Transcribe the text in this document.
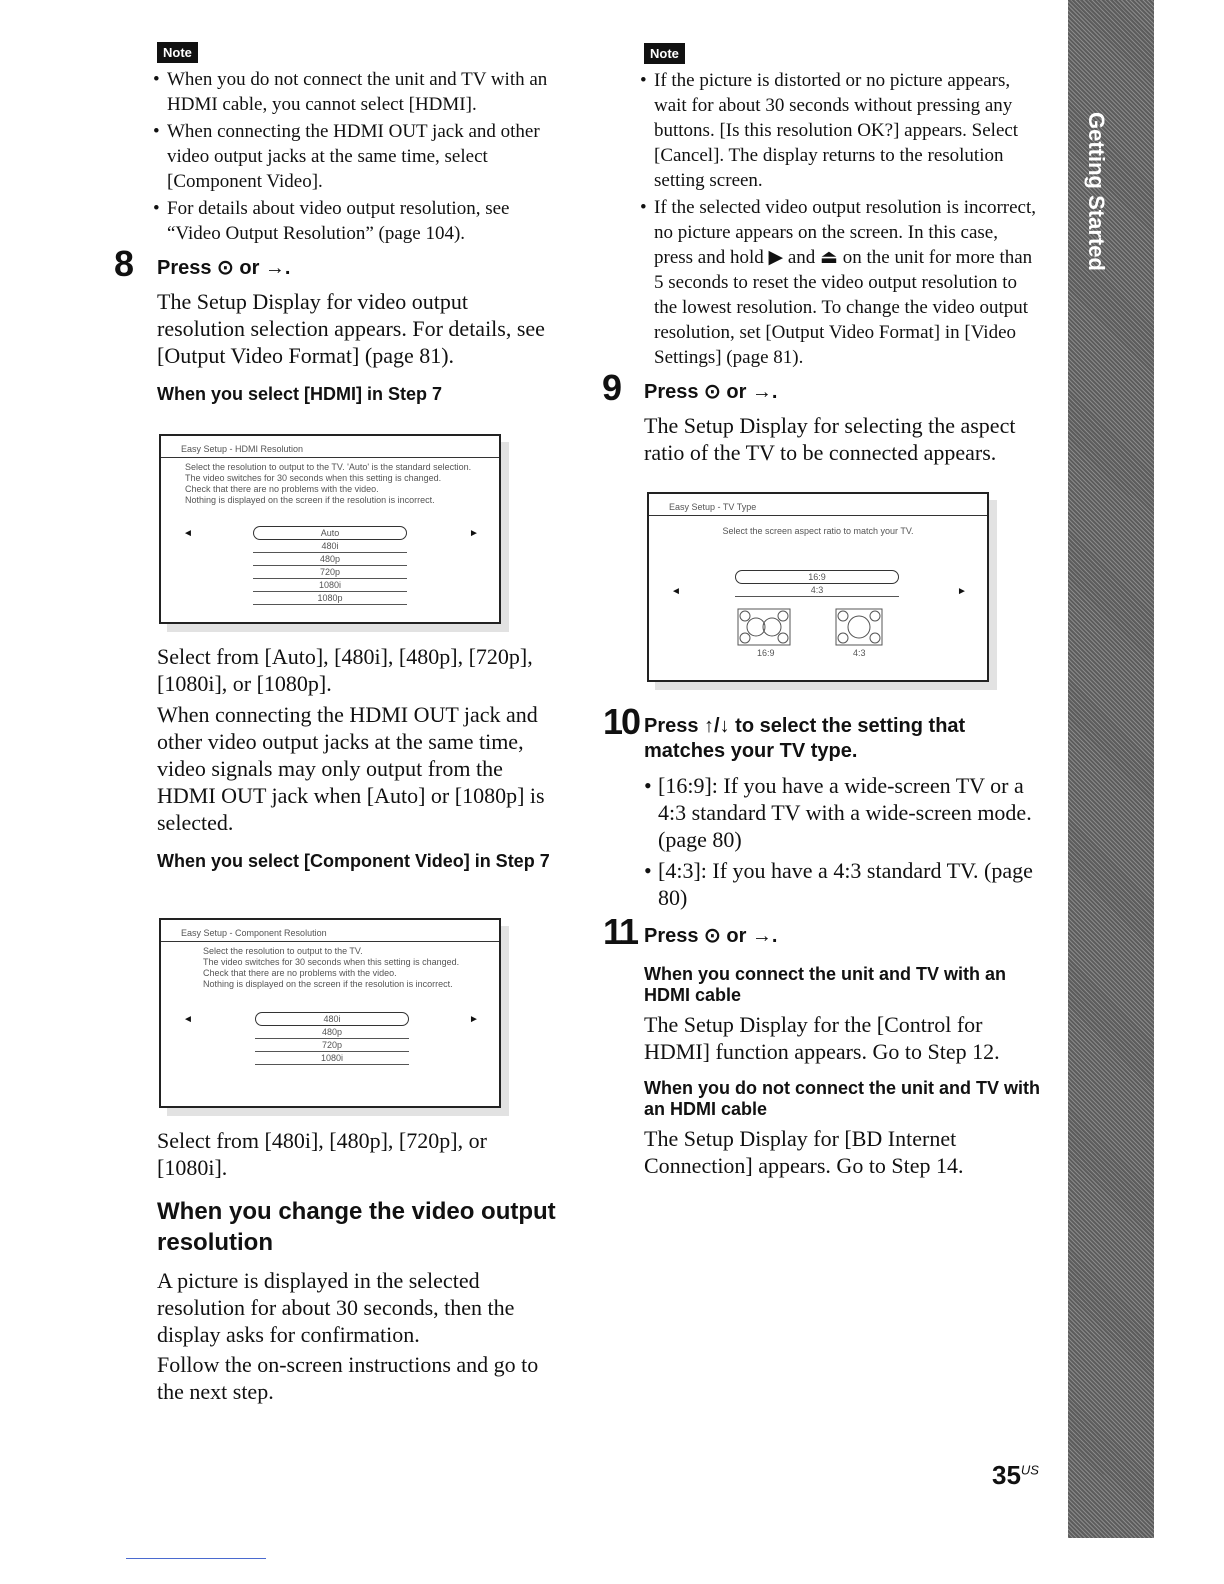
Getting Started
Note
• When you do not connect the unit and TV with an HDMI cable, you cannot select [HDMI].
• When connecting the HDMI OUT jack and other video output jacks at the same time, select [Component Video].
• For details about video output resolution, see “Video Output Resolution” (page 104).
8 Press ⊙ or →.
The Setup Display for video output resolution selection appears. For details, see [Output Video Format] (page 81).
When you select [HDMI] in Step 7
Easy Setup - HDMI Resolution
Select the resolution to output to the TV. 'Auto' is the standard selection.
The video switches for 30 seconds when this setting is changed.
Check that there are no problems with the video.
Nothing is displayed on the screen if the resolution is incorrect.
◄	►
Auto
480i
480p
720p
1080i
1080p
Select from [Auto], [480i], [480p], [720p], [1080i], or [1080p].
When connecting the HDMI OUT jack and other video output jacks at the same time, video signals may only output from the HDMI OUT jack when [Auto] or [1080p] is selected.
When you select [Component Video] in Step 7
Easy Setup - Component Resolution
Select the resolution to output to the TV.
The video switches for 30 seconds when this setting is changed.
Check that there are no problems with the video.
Nothing is displayed on the screen if the resolution is incorrect.
◄	►
480i
480p
720p
1080i
Select from [480i], [480p], [720p], or [1080i].
When you change the video output resolution
A picture is displayed in the selected resolution for about 30 seconds, then the display asks for confirmation.
Follow the on-screen instructions and go to the next step.
Note
• If the picture is distorted or no picture appears, wait for about 30 seconds without pressing any buttons. [Is this resolution OK?] appears. Select [Cancel]. The display returns to the resolution setting screen.
• If the selected video output resolution is incorrect, no picture appears on the screen. In this case, press and hold ▶ and ⏏ on the unit for more than 5 seconds to reset the video output resolution to the lowest resolution. To change the video output resolution, set [Output Video Format] in [Video Settings] (page 81).
9 Press ⊙ or →.
The Setup Display for selecting the aspect ratio of the TV to be connected appears.
Easy Setup - TV Type
Select the screen aspect ratio to match your TV.
◄	►
16:9
4:3
16:9	4:3
10 Press ↑/↓ to select the setting that matches your TV type.
• [16:9]: If you have a wide-screen TV or a 4:3 standard TV with a wide-screen mode. (page 80)
• [4:3]: If you have a 4:3 standard TV. (page 80)
11 Press ⊙ or →.
When you connect the unit and TV with an HDMI cable
The Setup Display for the [Control for HDMI] function appears. Go to Step 12.
When you do not connect the unit and TV with an HDMI cable
The Setup Display for [BD Internet Connection] appears. Go to Step 14.
$35^{US}$
